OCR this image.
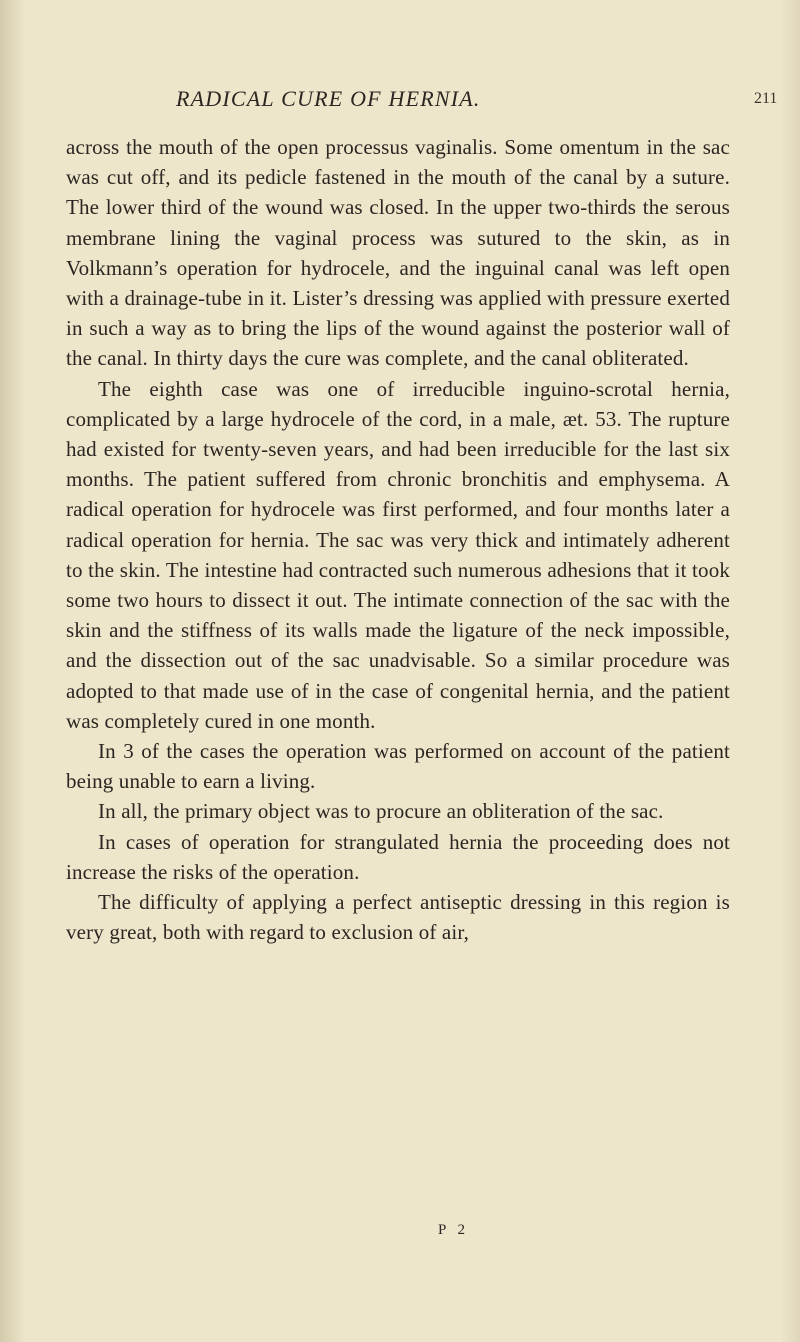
RADICAL CURE OF HERNIA.	211

across the mouth of the open processus vaginalis. Some omentum in the sac was cut off, and its pedicle fastened in the mouth of the canal by a suture. The lower third of the wound was closed. In the upper two-thirds the serous membrane lining the vaginal process was sutured to the skin, as in Volkmann’s operation for hydrocele, and the inguinal canal was left open with a drainage-tube in it. Lister’s dressing was applied with pressure exerted in such a way as to bring the lips of the wound against the posterior wall of the canal. In thirty days the cure was complete, and the canal obliterated.

The eighth case was one of irreducible inguino-scrotal hernia, complicated by a large hydrocele of the cord, in a male, æt. 53. The rupture had existed for twenty-seven years, and had been irreducible for the last six months. The patient suffered from chronic bronchitis and emphysema. A radical operation for hydrocele was first performed, and four months later a radical operation for hernia. The sac was very thick and intimately adherent to the skin. The intestine had contracted such numerous adhesions that it took some two hours to dissect it out. The intimate connection of the sac with the skin and the stiffness of its walls made the ligature of the neck impossible, and the dissection out of the sac unadvisable. So a similar procedure was adopted to that made use of in the case of congenital hernia, and the patient was completely cured in one month.

In 3 of the cases the operation was performed on account of the patient being unable to earn a living.

In all, the primary object was to procure an obliteration of the sac.

In cases of operation for strangulated hernia the proceeding does not increase the risks of the operation.

The difficulty of applying a perfect antiseptic dressing in this region is very great, both with regard to exclusion of air,

P 2
